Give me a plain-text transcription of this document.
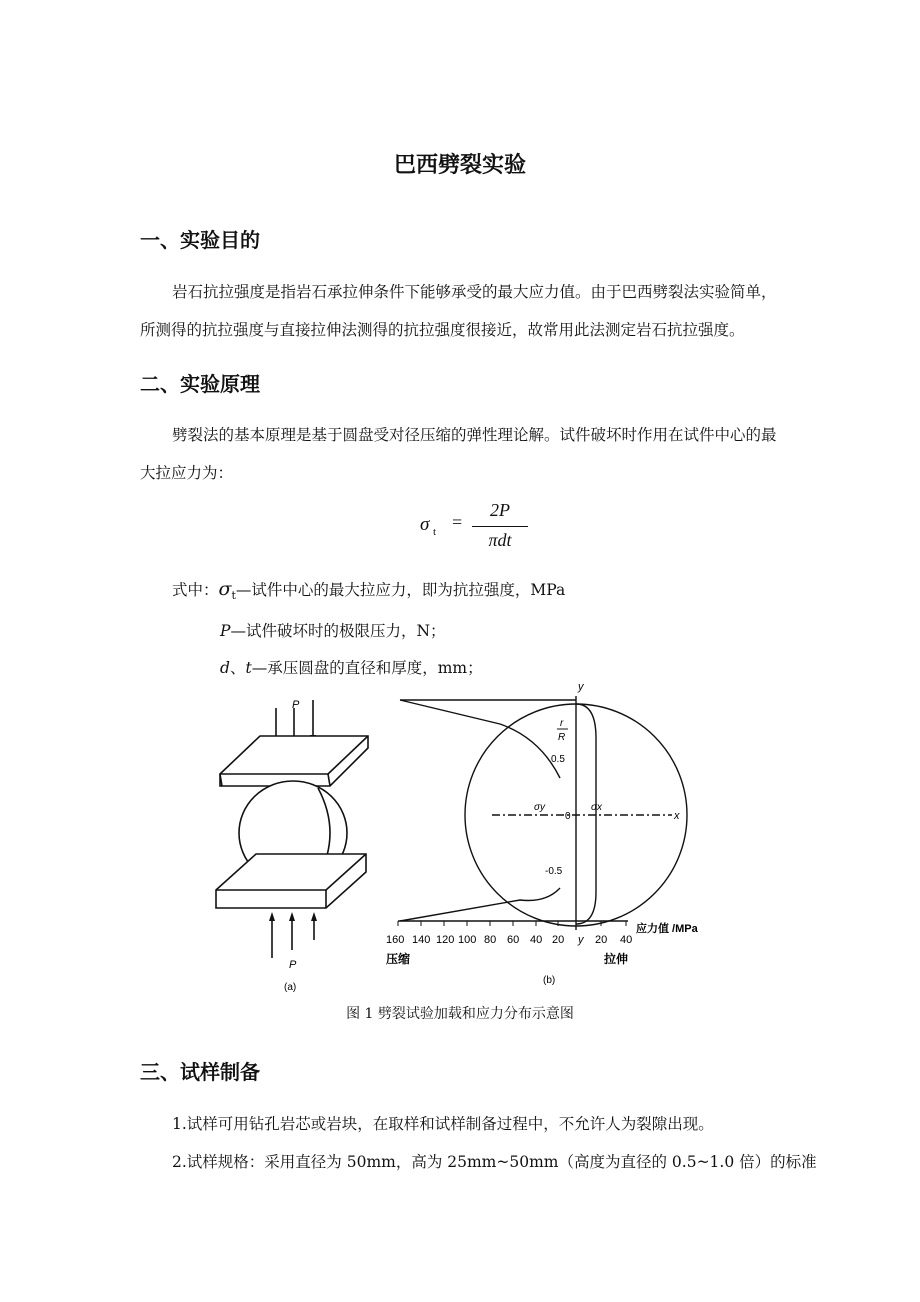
巴西劈裂实验
一、实验目的
岩石抗拉强度是指岩石承拉伸条件下能够承受的最大应力值。由于巴西劈裂法实验简单，所测得的抗拉强度与直接拉伸法测得的抗拉强度很接近，故常用此法测定岩石抗拉强度。
二、实验原理
劈裂法的基本原理是基于圆盘受对径压缩的弹性理论解。试件破坏时作用在试件中心的最大拉应力为：
σ t =
2P
πdt
式中：$\sigma_t—$试件中心的最大拉应力，即为抗拉强度，MPa
P—试件破坏时的极限压力，N；
d、t—承压圆盘的直径和厚度，mm；
P
P
(a)
y
x
r
R
0.5
0
-0.5
σy	σx
160 140 120 100 80 60 40 20 y 20 40
应力值 /MPa
压缩	拉伸
(b)
图 1 劈裂试验加载和应力分布示意图
三、试样制备
1.试样可用钻孔岩芯或岩块，在取样和试样制备过程中，不允许人为裂隙出现。
2.试样规格：采用直径为 50mm，高为 25mm~50mm（高度为直径的 0.5~1.0 倍）的标准
